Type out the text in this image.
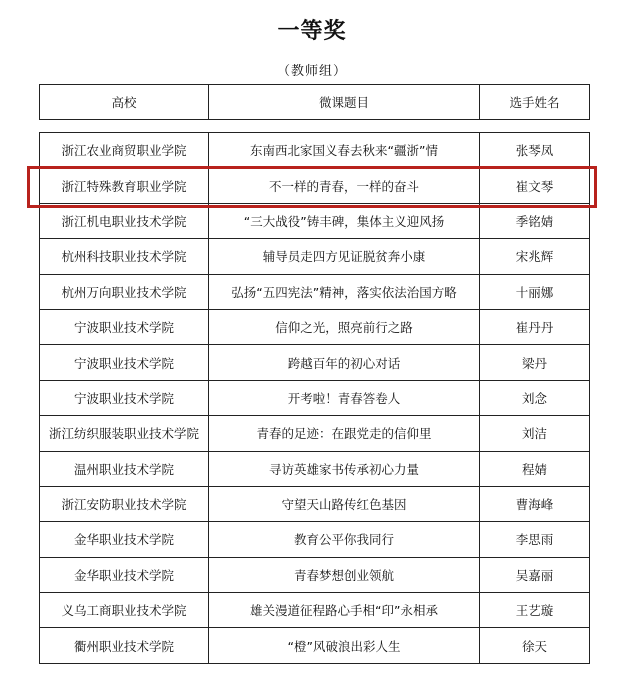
一等奖
（教师组）
高校	微课题目	选手姓名
浙江农业商贸职业学院	东南西北家国义春去秋来“疆浙”情	张琴凤
浙江特殊教育职业学院	不一样的青春，一样的奋斗	崔文琴
浙江机电职业技术学院	“三大战役”铸丰碑，集体主义迎风扬	季铭婧
杭州科技职业技术学院	辅导员走四方见证脱贫奔小康	宋兆辉
杭州万向职业技术学院	弘扬“五四宪法”精神，落实依法治国方略	十丽娜
宁波职业技术学院	信仰之光，照亮前行之路	崔丹丹
宁波职业技术学院	跨越百年的初心对话	梁丹
宁波职业技术学院	开考啦！青春答卷人	刘念
浙江纺织服装职业技术学院	青春的足迹：在跟党走的信仰里	刘洁
温州职业技术学院	寻访英雄家书传承初心力量	程婧
浙江安防职业技术学院	守望天山路传红色基因	曹海峰
金华职业技术学院	教育公平你我同行	李思雨
金华职业技术学院	青春梦想创业领航	吴嘉丽
义乌工商职业技术学院	雄关漫道征程路心手相“印”永相承	王艺璇
衢州职业技术学院	“橙”风破浪出彩人生	徐天
